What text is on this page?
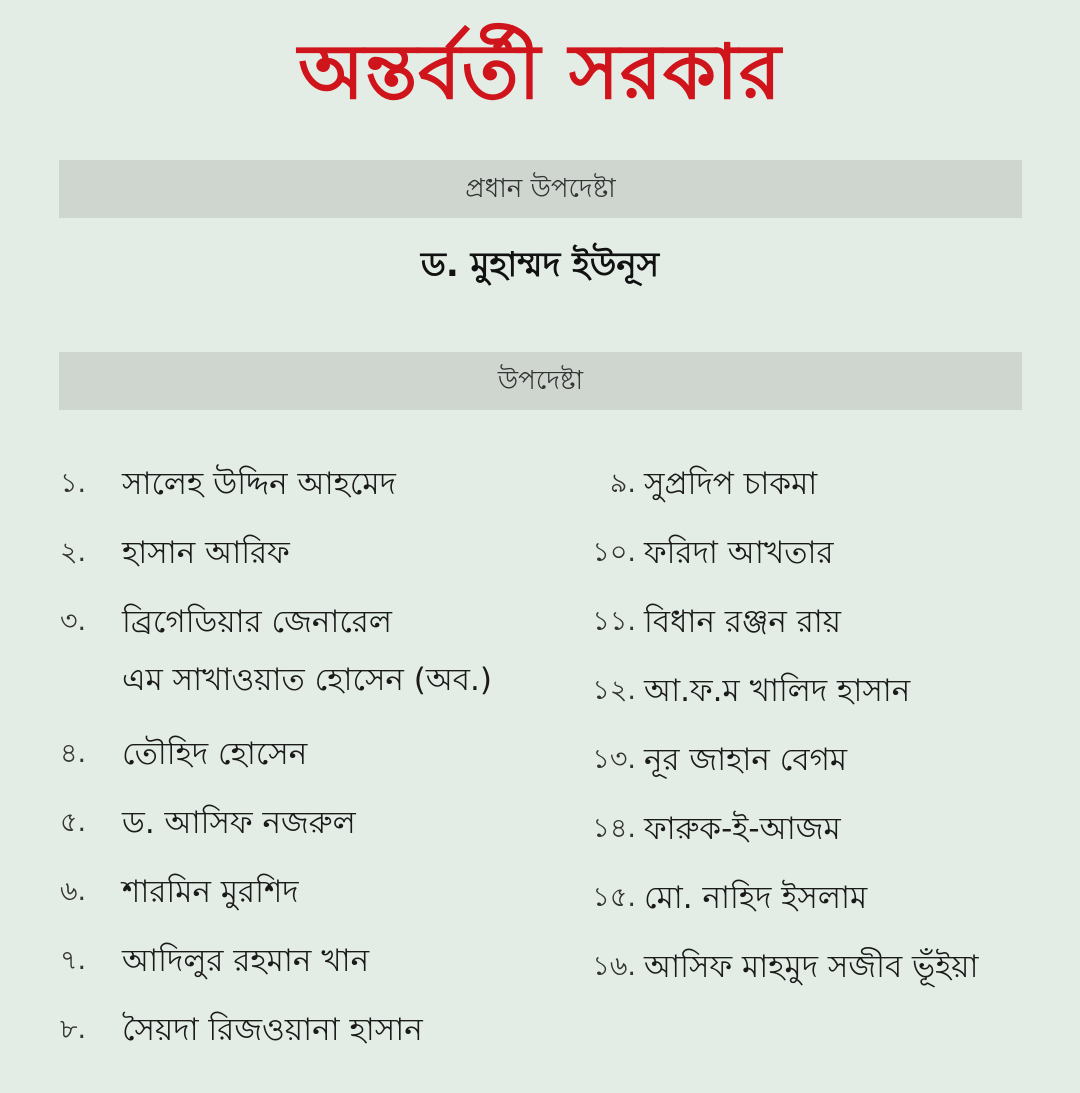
অন্তর্বর্তী সরকার
প্রধান উপদেষ্টা
ড. মুহাম্মদ ইউনূস
উপদেষ্টা
১.	সালেহ উদ্দিন আহমেদ
২.	হাসান আরিফ
৩.	ব্রিগেডিয়ার জেনারেল
এম সাখাওয়াত হোসেন (অব.)
৪.	তৌহিদ হোসেন
৫.	ড. আসিফ নজরুল
৬.	শারমিন মুরশিদ
৭.	আদিলুর রহমান খান
৮.	সৈয়দা রিজওয়ানা হাসান
৯. সুপ্রদিপ চাকমা
১০. ফরিদা আখতার
১১. বিধান রঞ্জন রায়
১২. আ.ফ.ম খালিদ হাসান
১৩. নূর জাহান বেগম
১৪. ফারুক-ই-আজম
১৫. মো. নাহিদ ইসলাম
১৬. আসিফ মাহমুদ সজীব ভূঁইয়া
